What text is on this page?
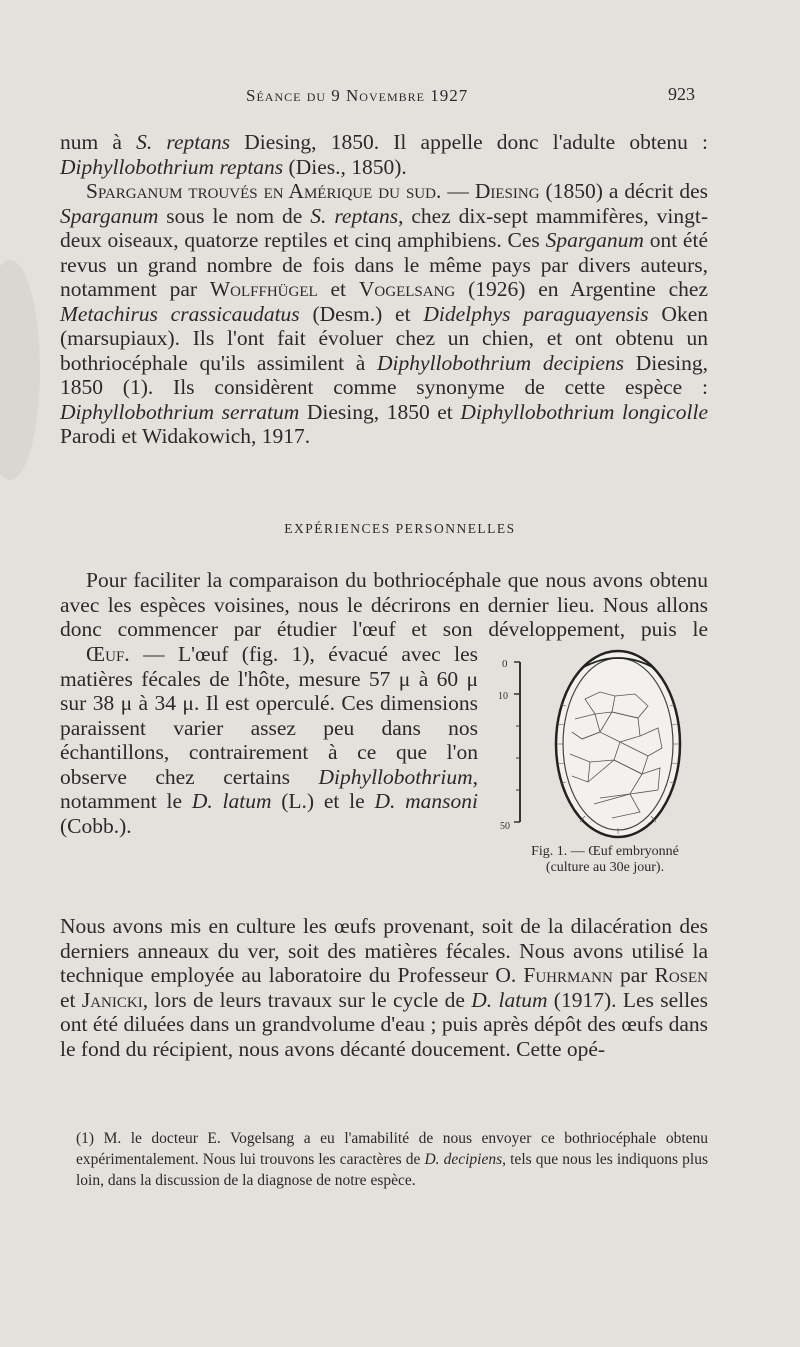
Séance du 9 Novembre 1927	923
num à S. reptans Diesing, 1850. Il appelle donc l'adulte obtenu : Diphyllobothrium reptans (Dies., 1850).
Sparganum trouvés en Amérique du sud. — Diesing (1850) a décrit des Sparganum sous le nom de S. reptans, chez dix-sept mammifères, vingt-deux oiseaux, quatorze reptiles et cinq amphibiens. Ces Sparganum ont été revus un grand nombre de fois dans le même pays par divers auteurs, notamment par Wolffhügel et Vogelsang (1926) en Argentine chez Metachirus crassicaudatus (Desm.) et Didelphys paraguayensis Oken (marsupiaux). Ils l'ont fait évoluer chez un chien, et ont obtenu un bothriocéphale qu'ils assimilent à Diphyllobothrium decipiens Diesing, 1850 (1). Ils considèrent comme synonyme de cette espèce : Diphyllobothrium serratum Diesing, 1850 et Diphyllobothrium longicolle Parodi et Widakowich, 1917.
EXPÉRIENCES PERSONNELLES
Pour faciliter la comparaison du bothriocéphale que nous avons obtenu avec les espèces voisines, nous le décrirons en dernier lieu. Nous allons donc commencer par étudier l'œuf et son développement, puis le
Œuf. — L'œuf (fig. 1), évacué avec les matières fécales de l'hôte, mesure 57 μ à 60 μ sur 38 μ à 34 μ. Il est operculé. Ces dimensions paraissent varier assez peu dans nos échantillons, contrairement à ce que l'on observe chez certains Diphyllobothrium, notamment le D. latum (L.) et le D. mansoni (Cobb.).
0
10
50
Fig. 1. — Œuf embryonné
(culture au 30e jour).
Nous avons mis en culture les œufs provenant, soit de la dilacération des derniers anneaux du ver, soit des matières fécales. Nous avons utilisé la technique employée au laboratoire du Professeur O. Fuhrmann par Rosen et Janicki, lors de leurs travaux sur le cycle de D. latum (1917). Les selles ont été diluées dans un grandvolume d'eau ; puis après dépôt des œufs dans le fond du récipient, nous avons décanté doucement. Cette opé-
(1) M. le docteur E. Vogelsang a eu l'amabilité de nous envoyer ce bothriocéphale obtenu expérimentalement. Nous lui trouvons les caractères de D. decipiens, tels que nous les indiquons plus loin, dans la discussion de la diagnose de notre espèce.
